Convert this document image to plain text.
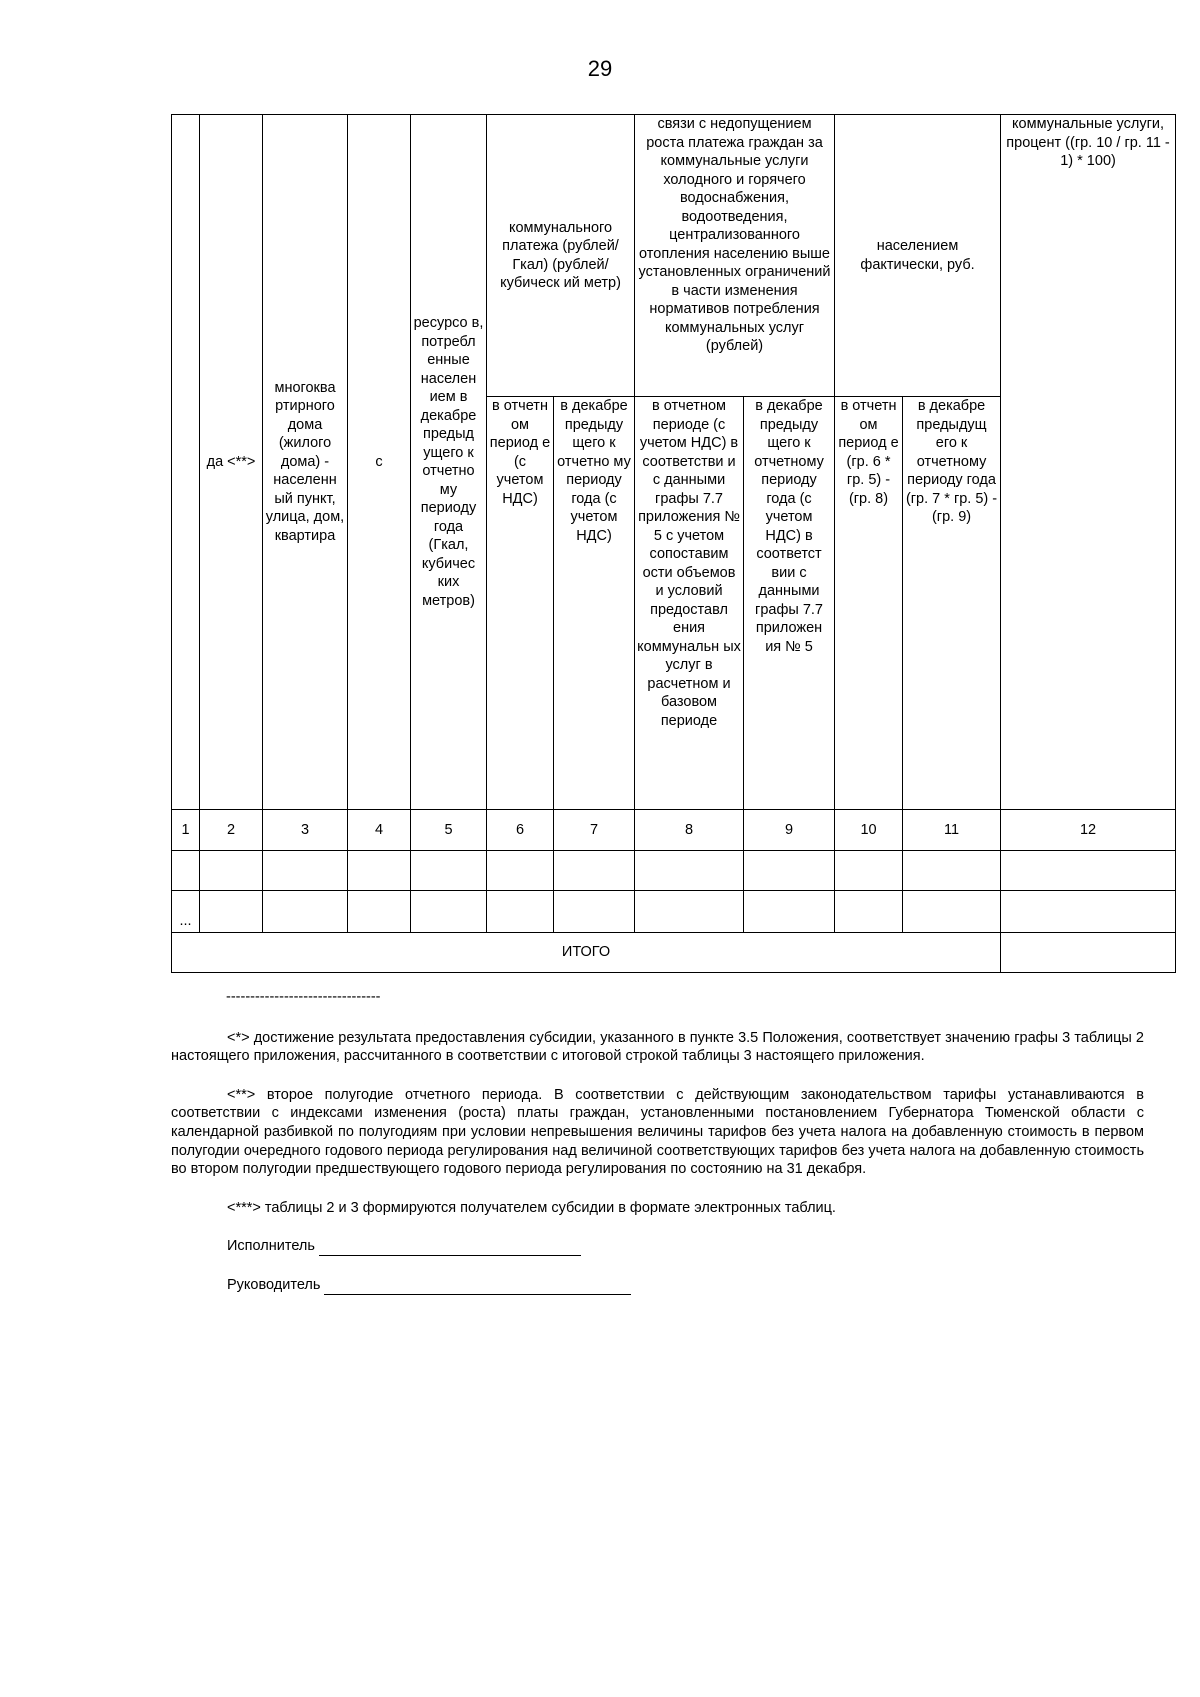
29
	да <**>	многоква ртирного дома (жилого дома) - населенн ый пункт, улица, дом, квартира	с	ресурсо в, потребл енные населен ием в декабре предыд ущего к отчетно му периоду года (Гкал, кубичес ких метров)	коммунального платежа (рублей/Гкал) (рублей/кубическ ий метр)		связи с недопущением роста платежа граждан за коммунальные услуги холодного и горячего водоснабжения, водоотведения, централизованного отопления населению выше установленных ограничений в части изменения нормативов потребления коммунальных услуг (рублей)		населением фактически, руб.		коммунальные услуги, процент ((гр. 10 / гр. 11 - 1) * 100)
					в отчетн ом период е (с учетом НДС)	в декабре предыду щего к отчетно му периоду года (с учетом НДС)	в отчетном периоде (с учетом НДС) в соответстви и с данными графы 7.7 приложения № 5 с учетом сопоставим ости объемов и условий предоставл ения коммунальн ых услуг в расчетном и базовом периоде	в декабре предыду щего к отчетному периоду года (с учетом НДС) в соответст вии с данными графы 7.7 приложен ия № 5	в отчетн ом период е (гр. 6 * гр. 5) - (гр. 8)	в декабре предыдущ его к отчетному периоду года (гр. 7 * гр. 5) - (гр. 9)	
1	2	3	4	5	6	7	8	9	10	11	12

...											
ИТОГО											

--------------------------------

<*> достижение результата предоставления субсидии, указанного в пункте 3.5 Положения, соответствует значению графы 3 таблицы 2 настоящего приложения, рассчитанного в соответствии с итоговой строкой таблицы 3 настоящего приложения.

<**> второе полугодие отчетного периода. В соответствии с действующим законодательством тарифы устанавливаются в соответствии с индексами изменения (роста) платы граждан, установленными постановлением Губернатора Тюменской области с календарной разбивкой по полугодиям при условии непревышения величины тарифов без учета налога на добавленную стоимость в первом полугодии очередного годового периода регулирования над величиной соответствующих тарифов без учета налога на добавленную стоимость во втором полугодии предшествующего годового периода регулирования по состоянию на 31 декабря.

<***> таблицы 2 и 3 формируются получателем субсидии в формате электронных таблиц.

Исполнитель

Руководитель
